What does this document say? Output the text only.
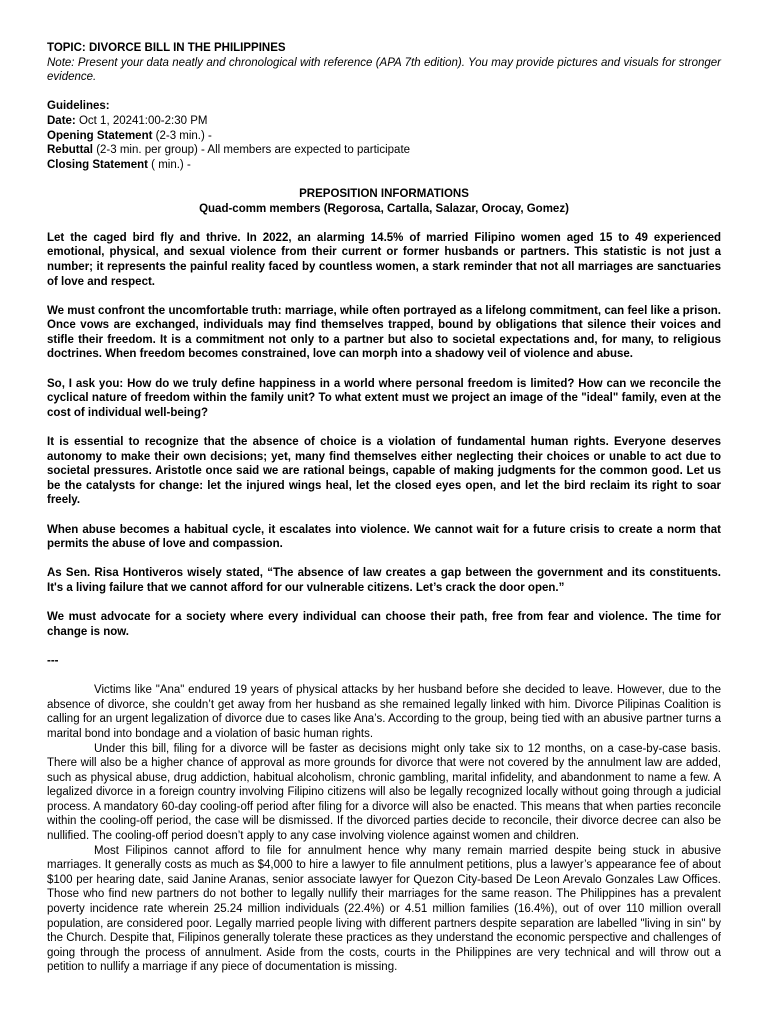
TOPIC: DIVORCE BILL IN THE PHILIPPINES

Note: Present your data neatly and chronological with reference (APA 7th edition). You may provide pictures and visuals for stronger evidence.

Guidelines:

Date: Oct 1, 20241:00-2:30 PM

Opening Statement (2-3 min.) -

Rebuttal (2-3 min. per group) - All members are expected to participate

Closing Statement ( min.) -

PREPOSITION INFORMATIONS

Quad-comm members (Regorosa, Cartalla, Salazar, Orocay, Gomez)

Let the caged bird fly and thrive. In 2022, an alarming 14.5% of married Filipino women aged 15 to 49 experienced emotional, physical, and sexual violence from their current or former husbands or partners. This statistic is not just a number; it represents the painful reality faced by countless women, a stark reminder that not all marriages are sanctuaries of love and respect.

We must confront the uncomfortable truth: marriage, while often portrayed as a lifelong commitment, can feel like a prison. Once vows are exchanged, individuals may find themselves trapped, bound by obligations that silence their voices and stifle their freedom. It is a commitment not only to a partner but also to societal expectations and, for many, to religious doctrines. When freedom becomes constrained, love can morph into a shadowy veil of violence and abuse.

So, I ask you: How do we truly define happiness in a world where personal freedom is limited? How can we reconcile the cyclical nature of freedom within the family unit? To what extent must we project an image of the "ideal" family, even at the cost of individual well-being?

It is essential to recognize that the absence of choice is a violation of fundamental human rights. Everyone deserves autonomy to make their own decisions; yet, many find themselves either neglecting their choices or unable to act due to societal pressures. Aristotle once said we are rational beings, capable of making judgments for the common good. Let us be the catalysts for change: let the injured wings heal, let the closed eyes open, and let the bird reclaim its right to soar freely.

When abuse becomes a habitual cycle, it escalates into violence. We cannot wait for a future crisis to create a norm that permits the abuse of love and compassion.

As Sen. Risa Hontiveros wisely stated, “The absence of law creates a gap between the government and its constituents. It's a living failure that we cannot afford for our vulnerable citizens. Let’s crack the door open.”

We must advocate for a society where every individual can choose their path, free from fear and violence. The time for change is now.

---

Victims like "Ana" endured 19 years of physical attacks by her husband before she decided to leave. However, due to the absence of divorce, she couldn’t get away from her husband as she remained legally linked with him. Divorce Pilipinas Coalition is calling for an urgent legalization of divorce due to cases like Ana’s. According to the group, being tied with an abusive partner turns a marital bond into bondage and a violation of basic human rights.

Under this bill, filing for a divorce will be faster as decisions might only take six to 12 months, on a case-by-case basis. There will also be a higher chance of approval as more grounds for divorce that were not covered by the annulment law are added, such as physical abuse, drug addiction, habitual alcoholism, chronic gambling, marital infidelity, and abandonment to name a few. A legalized divorce in a foreign country involving Filipino citizens will also be legally recognized locally without going through a judicial process. A mandatory 60-day cooling-off period after filing for a divorce will also be enacted. This means that when parties reconcile within the cooling-off period, the case will be dismissed. If the divorced parties decide to reconcile, their divorce decree can also be nullified. The cooling-off period doesn’t apply to any case involving violence against women and children.

Most Filipinos cannot afford to file for annulment hence why many remain married despite being stuck in abusive marriages. It generally costs as much as $4,000 to hire a lawyer to file annulment petitions, plus a lawyer’s appearance fee of about $100 per hearing date, said Janine Aranas, senior associate lawyer for Quezon City-based De Leon Arevalo Gonzales Law Offices. Those who find new partners do not bother to legally nullify their marriages for the same reason. The Philippines has a prevalent poverty incidence rate wherein 25.24 million individuals (22.4%) or 4.51 million families (16.4%), out of over 110 million overall population, are considered poor. Legally married people living with different partners despite separation are labelled "living in sin" by the Church. Despite that, Filipinos generally tolerate these practices as they understand the economic perspective and challenges of going through the process of annulment. Aside from the costs, courts in the Philippines are very technical and will throw out a petition to nullify a marriage if any piece of documentation is missing.
